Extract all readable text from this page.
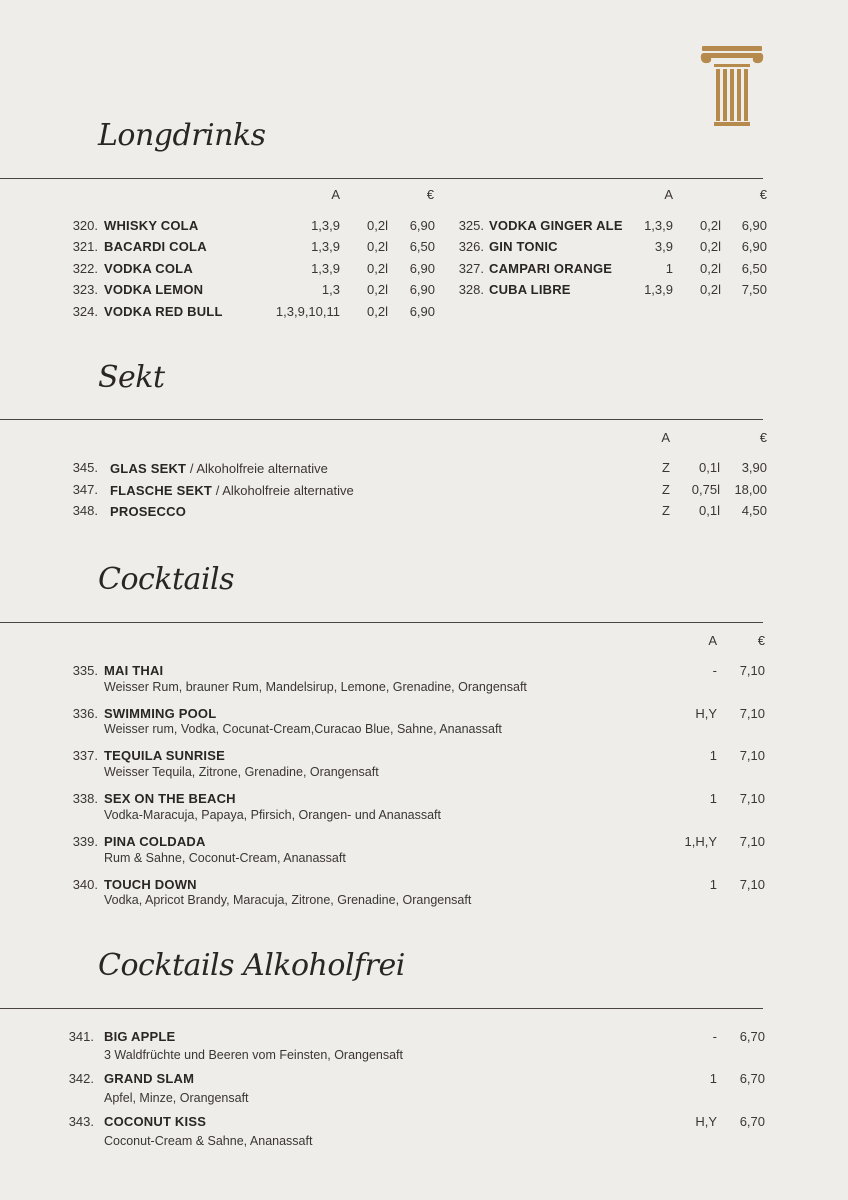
Longdrinks
A	€	A	€
320. WHISKY COLA	1,3,9	0,2l	6,90
321. BACARDI COLA	1,3,9	0,2l	6,50
322. VODKA COLA	1,3,9	0,2l	6,90
323. VODKA LEMON	1,3	0,2l	6,90
324. VODKA RED BULL	1,3,9,10,11	0,2l	6,90
325. VODKA GINGER ALE	1,3,9	0,2l	6,90
326. GIN TONIC	3,9	0,2l	6,90
327. CAMPARI ORANGE	1	0,2l	6,50
328. CUBA LIBRE	1,3,9	0,2l	7,50
Sekt
A	€
345. GLAS SEKT / Alkoholfreie alternative	Z	0,1l	3,90
347. FLASCHE SEKT / Alkoholfreie alternative	Z	0,75l	18,00
348. PROSECCO	Z	0,1l	4,50
Cocktails
A	€
335. MAI THAI
Weisser Rum, brauner Rum, Mandelsirup, Lemone, Grenadine, Orangensaft
-	7,10
336. SWIMMING POOL
Weisser rum, Vodka, Cocunat-Cream,Curacao Blue, Sahne, Ananassaft
H,Y	7,10
337. TEQUILA SUNRISE
Weisser Tequila, Zitrone, Grenadine, Orangensaft
1	7,10
338. SEX ON THE BEACH
Vodka-Maracuja, Papaya, Pfirsich, Orangen- und Ananassaft
1	7,10
339. PINA COLDADA
Rum & Sahne, Coconut-Cream, Ananassaft
1,H,Y	7,10
340. TOUCH DOWN
Vodka, Apricot Brandy, Maracuja, Zitrone, Grenadine, Orangensaft
1	7,10
Cocktails Alkoholfrei
341. BIG APPLE
3 Waldfrüchte und Beeren vom Feinsten, Orangensaft
-	6,70
342. GRAND SLAM
Apfel, Minze, Orangensaft
1	6,70
343. COCONUT KISS
Coconut-Cream & Sahne, Ananassaft
H,Y	6,70
